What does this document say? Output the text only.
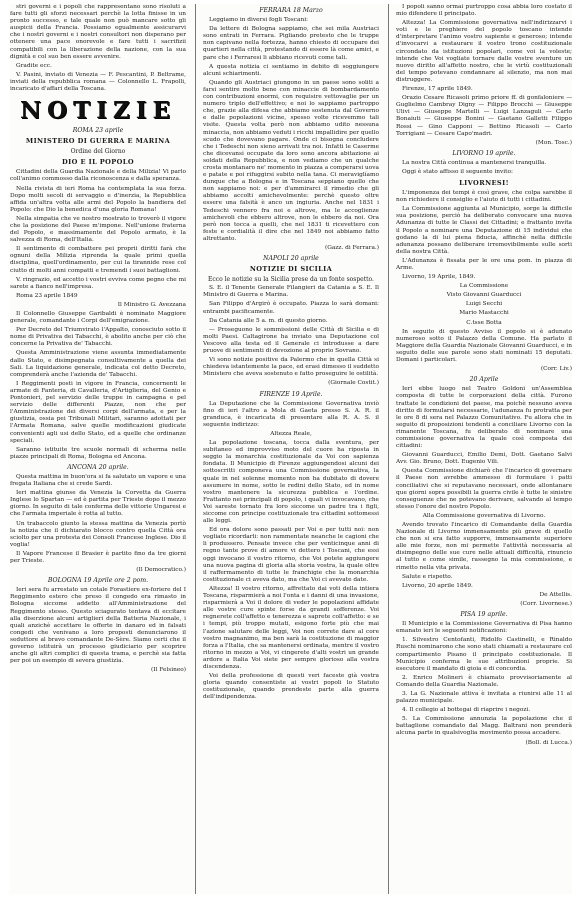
stri governi e i popoli che rappresentano sono risoluti a fare tutti gli sforzi necessari perchè la lotta finisse in un pronto successo, e tale quale non può mancare sotto gli auspicii della Francia. Possiamo egualmente assicurarvi che i nostri governi e i nostri consultori non disperano per ottenere una pace onorevole e fare tutti i sacrifizii compatibili con la liberazione della nazione, con la sua dignità e col suo ben essere avvenire.

Gradite ecc.

V. Pasini, inviato di Venezia — F. Pescantini, P. Beltrame, inviati della repubblica romana — Colonnello L. Frapolli, incaricato d'affari della Toscana.

NOTIZIE

ROMA 23 aprile

MINISTERO DI GUERRA E MARINA

Ordine del Giorno

DIO E IL POPOLO

Cittadini della Guardia Nazionale e della Milizia! Vi parlo coll'animo commosso dalla riconoscenza e dalla speranza.

Nella rivista di ieri Roma ha contemplata la sua forza. Dopo molti secoli di servaggio e d'inerzia, la Repubblica affida un'altra volta alle armi del Popolo la bandiera del Popolo: che Dio la benedica d'una gloria Romana!

Nella simpatia che ve nostro mostrato io troverò il vigore che la posizione del Paese m'impone. Nell'unione fraterna del Popolo, e massimamente del Popolo armato, è la salvezza di Roma, dell'Italia.

Il sentimento di combattere pei proprii diritti farà che ognuni della Milizia riprenda la quale primi quella disciplina, quell'ordinamento, per cui la tirannide rese col ciutto di molti anni compatti e tremendi i suoi battaglioni.

V. ringrazio, ed accetto i vostri evviva come pegno che mi sarete a fianco nell'impresa.

Roma 23 aprile 1849

Il Ministro G. Avezzana

Il Colonnello Giuseppe Garibaldi è nominato Maggiore generale, comandante i Corpi dell'emigrazione.

Per Decreto del Triumvirato l'Appalto, conosciuto sotto il nome di Privativa dei Tabacchi, è abolito anche per ciò che concerne la Privativa de' Tabacchi.

Questa Amministrazione viene assunta immediatamente dallo Stato, e disimpegnata consultivamente a quella dei Sali. La liquidazione generale, indicata col detto Decreto, comprenderà anche l'azienda de' Tabacchi.

I Reggimenti posti in vigore in Francia, concernenti le armate di Fanteria, di Cavalleria, d'Artiglieria, del Genio e Pontonieri, pel servizio delle truppe in campagna e pel servizio delle differenti Piazze, non che per l'Amministrazione dei diversi corpi dell'armata, e per la giustizia, ossia pei Tribunali Militari, saranno adottati per l'Armata Romana, salve quelle modificazioni giudicate convenienti agli usi dello Stato, ed a quelle che ordinanze speciali.

Saranno istituite tre scuole normali di scherma nelle piazze principali di Roma, Bologna ed Ancona.

ANCONA 20 aprile.

Questa mattina in buon'ora si fa salutato un vapore e una fregata Italiana che si crede Sardi.

Ieri mattina giunse da Venezia la Corvetta da Guerra Inglese lo Spartan — ed è partita per Trieste dopo il mezzo giorno. In seguito di tale conferma delle vittorie Ungaresi e che l'armata imperiale è rotta al tutto.

Un trabaccolo giunto la stessa mattina da Venezia portò la notizia che il dichiarato blocco contro quella Città ora sciolto per una protesta dei Consoli Francese Inglese. Dio il voglia!

Il Vapore Francese il Brasier è partito fino da tre giorni per Trieste.

(Il Democratico.)

BOLOGNA 19 Aprile ore 2 pom.

Ieri sera fu arrestato un cotale Forastiere ex-foriere del I Reggimento estero che preso il congedo era rimasto in Bologna siccome addetto all'Amministrazione del Reggimento stesso. Questo sciagurato tentava di eccitare alla diserzione alcuni artiglieri della Batteria Nazionale, i quali anzichè accettare le offerte in danaro ed in falsati congedi che venivano a loro proposti denunciarono il seduttore al bravo comandante De-Sère. Siamo certi che il governo istituirà un processo giudiciario per scoprire anche gli altri complici di questa trama, e perchè sia fatta per poi un esempio di severa giustizia.

(Il Felsineo)

FERRARA 18 Marzo

Leggiamo in diversi fogli Toscani:

Da lettere di Bologna sappiamo, che sei mila Austriaci sono entrati in Ferrara. Pigliando pretesto che le truppe non capivano nella fortezza, hanno chiesto di occupare dei quartieri nella città, protestando di essere là come amici, e pare che i Ferraresi li abbiano ricevuti come tali.

A questa notizia ci sentiamo in debito di soggiungere alcuni schiarimenti.

Quando gli Austriaci giungono in un paese sono soliti a farsi sentire molto bene con minaccie di bombardamento con contribuzioni enormi, con requisire vettovaglie per un numero triplo dell'effettivo; e noi lo sappiamo partroppo che, grazie alla difesa che abbiamo sostenuta dal Governo e dalle popolazioni vicine, spesso volte ricevemmo tali visite. Questa volta però non abbiamo udito nessuna minaccia, non abbiamo veduti i ricchi impallidire per quello scudo che dovevano pagare. Onde ci bisogna concludere che i Tedeschi non sieno arrivati tra noi. Infatti le Caserme che dicevansi occupate da loro sono ancora abitazione ai soldati della Repubblica, e non vediamo che un qualche crosta montanaro ne' momento in piazza a comperarsi uova e patate e poi rifuggirsi subito nella tana. Ci meraviglíamo dunque che a Bologna e in Toscana seppiano quello che non sappiamo noi: e per d'ammirarci il rimedio che gli abbiamo accolti amichevolmente: perchè questo oltre essere una falsità è anco un ingiuria. Anche nel 1831 i Tedeschi vennero fra noi e altrove, ma le accoglienze amichevoli che ebbero altrove, non le ebbero da noi. Ora però non tocca a quelli, che nel 1831 ti ricevettero con feste e cordialità il dire che nel 1849 noi abbiamo fatto altrettanto.

(Gazz. di Ferrara.)

NAPOLI 20 aprile

NOTIZIE DI SICILIA

Ecco le notizie su la Sicilia prese da un fonte sospetto.

S. E. il Tenente Generale Filangieri da Catania a S. E. Il Ministro di Guerra e Marina.

San Filippo d'Argirò è occupato. Piazza lo sarà domani: entrambi pacificamente.

Da Catania alle 5 a. m. di questo giorno.

— Proseguono le sommissioni delle Città di Sicilia e di molti Paesi. Caltagirone ha inviato una Deputazione col Vescovo alla testa ed il Generale ci introdusse a dare pruove di sentimenti di devozione al proprio Sovrano.

Vi sono notizie positive da Palermo che in quella Città si chiedeva istantemente la pace, ed erasi dimesso il suddetto Ministero che aveva sostenuto e fatto proseguire le ostilità.

(Giornale Costit.)

FIRENZE 19 Aprile.

La Deputazione che la Commissione Governativa inviò fino di ieri l'altro a Mola di Gaeta presso S. A. R. il granduca, è incaricata di presentare alla R. A. S. il seguente indirizzo:

Altezza Reale,

La popolazione toscana, tocca dalla sventura, per subitaneo ed improvviso moto del cuore ha riposta in seggio la monarchia costituzionale da Voi con sapienza fondata. Il Municipio di Firenze aggiungendosi alcuni dei sottoscritti componeva una Commissione governativa, la quale in nel solenne momento non ha dubitato di dovere assumere in nome, sotto le redini dello Stato, ed in nome vostro mantenere la sicurezza pubblica e l'ordine. Frattanto nei principali di popolo, i quali vi invocavano, che Voi sareste tornato fra loro siccome un padre tra i figli, siccome con principe costituzionale tra cittadini sottomessi alle leggi.

Ed ora dolore sono passati per Voi e per tutti noi: non vogliate ricordarli: non rammentate neanche le cagioni che li produssero. Pensate invece che per venticinque anni di regno tante prove di amore vi dettero i Toscani, che essi oggi invocano il vostro ritorno, che Voi potete aggiungere una nuova pagina di gloria alla storia vostra, la quale oltre il raffermamento di tutte le franchigie che la monarchia costituzionale ci aveva dato, ma che Voi ci avevate date.

Altezza! Il vostro ritorno, affrettato dai voti della intiera Toscana, risparmierà a noi l'onta e i danni di una invasione, risparmierà a Voi il dolore di veder le popolazioni affidate alle vostre cure spinte forse da grandi sofferenze. Voi regnerete coll'affetto e tenerezza e saprete coll'affetto: e se i tempi, più troppo mutati, esigono forte più che mai l'azione salutare delle leggi, Voi non correte dare al core vostro magnanimo, ma ben sarà la costituzione di maggior forza a l'Italia, che sa mantenersi ordinata, mentre il vostro ritorno in mezzo a Voi, vi cingerete d'alti vostri un grande ardore a Italia Voi siete per sempre glorioso alla vostra discendenza.

Voi della professione di questi veri faceste già vostra gloria quando consentiste ai vostri popoli lo Statuto costituzionale, quando prendeste parte alla guerra dell'indipendenza.

I popoli sanno ormai purtroppo cosa abbia loro costato il mio difendere il principato.

Altezza! La Commissione governativa nell'indirizzarvi i voti e le preghiere del popolo toscano intende d'interpretare l'animo vostro sapiente e generoso; intende d'invocarvi a restaurare il vostro trono costituzionale circondato da istituzioni popolari, come voi la voleste; intende che Voi vogliate tornare dalle vostre sventure un nuovo diritto all'affetto nostro, che le virtù costituzionali del tempo potevano condannare al silenzio, ma non mai distruggere.

Firenze, 17 aprile 1849.

Orazio Cesare Ricasoli primo priore ff. di gonfaloniere — Guglielmo Cambray Digny — Filippo Brocchi — Giuseppe Ulivi — Giuseppe Martelli — Luigi Lanzaguli — Carlo Bonaiuti — Giuseppe Bonini — Gaetano Galletti Filippo Rossi — Gino Capponi — Bettino Ricasoli — Carlo Torrigiani — Cesare Capo'madri.

(Mon. Tosc.)

LIVORNO 19 aprile.

La nostra Città continua a mantenersi tranquilla.

Oggi è stato affisso il seguente invito:

LIVORNESI!

L'imponenza dei tempi è così grave, che colpa sarebbe il non richiedere il consiglio e l'aiuto di tutti i cittadini.

La Commissione aggiunta al Municipio, sorge la difficile sua posizione, perciò ha deliberato convocare una nuova Adunanza di tutte le Classi dei Cittadini; e frattanto invita il Popolo a nominare una Deputazione di 15 individui che godano la di lui piena fiducia, affinchè nella difficile adunanza possano deliberare irremovibilmente sulle sorti della nostra Città.

L'Adunanza è fissata per le ore una pom. in piazza di Arme.

Livorno, 19 Aprile, 1849.

La Commissione

Visto Giovanni Guarducci

Luigi Secchi

Mario Mastacchi

C.tsse Botta

In seguito di questo Avviso il popolo si è adunato numeroso sotto il Palazzo della Comune. Ha parlato il Maggiore della Guardia Nazionale Giovanni Guarducci, e in seguito delle sue parole sono stati nominati 15 deputati. Domani i particolari.

(Corr. Liv.)

20 Aprile

Ieri ebbe luogo nel Teatro Goldoni un'Assemblea composta di tutte le corporazioni della città. Furono trattate le condizioni del paese, ma poichè nessuno aveva diritto di formularsi necessarie, l'adunanza fu protratta per le ore 8 di sera nel Palazzo Comunitativo. Fu allora che in seguito di proposizioni tendenti a conciliare Livorno con la rimanente Toscana, fu deliberato di nominare una commissione governativa la quale così composta dei cittadini:

Giovanni Guarducci, Emilio Demi, Dott. Gaetano Salvi Avv. Gio. Bruno, Dott. Eugenio Vili.

Questa Commissione dichiarò che l'incarico di governare il Paese non avrebbe ammesso di formulare i patti conciliativi che si reputavano necessari, onde allontanare que giorni sopra possibili la guerra civile è tutte le sinistre conseguenze che ne potevano derivare, salvando al tempo stesso l'onore del nostro Popolo.

Alla Commissione governativa di Livorno.

Avendo trovato l'incarico di Comandante della Guardia Nazionale di Livorno immensamente più grave di quello che non si era fatto supporre, immensamente superiore alle mie forze, non mi permette l'attività necessaria al disimpegno delle sue cure nelle attuali difficoltà, rinuncio al tutto e come simile, rassegno la mia commissione, e rimetto nella vita privata.

Salute e rispetto.

Livorno, 20 aprile 1849.

De Attellis.

(Corr. Livornese.)

PISA 19 aprile.

Il Municipio e la Commissione Governativa di Pisa hanno emanato ieri le seguenti notificazioni:

1. Silvestro Centofanti, Ridolfo Castinelli, e Rinaldo Ruschi nominarono che sono stati chiamati a restaurare col compartimento Pisano il principato costituzionale. Il Municipio conferma le sue attribuzioni proprie. Si esecutore il mandato di gioia e di concordia.

2. Enrico Molineri è chiamato provvisoriamente al Comando della Guardia Nazionale.

3. La G. Nazionale attiva è invitata a riunirsi alle 11 al palazzo municipale.

4. Il collegio al bottegai di riaprire i negozi.

5. La Commissione annunzia la popolazione che il battaglione comandato dal Magg. Baltrani non prenderà alcuna parte in qualsivoglia movimento possa accadere.

(Boll. di Lucca.)
